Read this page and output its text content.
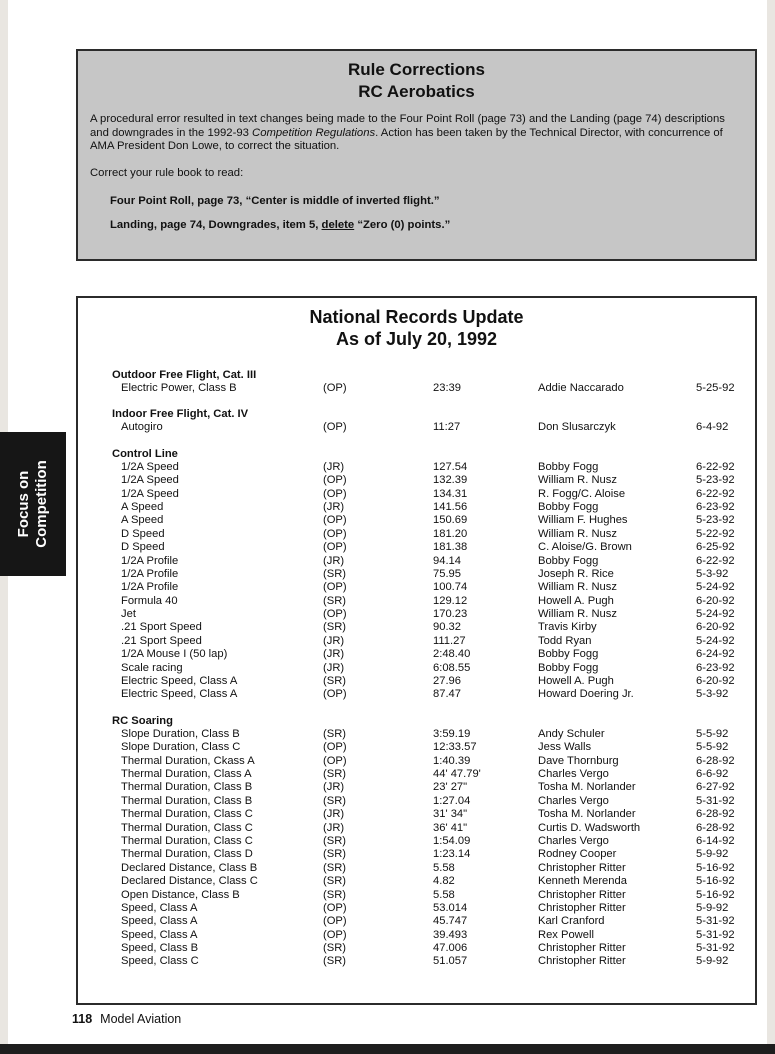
Rule Corrections
RC Aerobatics
A procedural error resulted in text changes being made to the Four Point Roll (page 73) and the Landing (page 74) descriptions and downgrades in the 1992-93 Competition Regulations. Action has been taken by the Technical Director, with concurrence of AMA President Don Lowe, to correct the situation.
Correct your rule book to read:
Four Point Roll, page 73, “Center is middle of inverted flight.”
Landing, page 74, Downgrades, item 5, delete “Zero (0) points.”
Focus on Competition
National Records Update
As of July 20, 1992
Outdoor Free Flight, Cat. III
Electric Power, Class B	(OP)	23:39	Addie Naccarado	5-25-92
Indoor Free Flight, Cat. IV
Autogiro	(OP)	11:27	Don Slusarczyk	6-4-92
Control Line
1/2A Speed	(JR)	127.54	Bobby Fogg	6-22-92
1/2A Speed	(OP)	132.39	William R. Nusz	5-23-92
1/2A Speed	(OP)	134.31	R. Fogg/C. Aloise	6-22-92
A Speed	(JR)	141.56	Bobby Fogg	6-23-92
A Speed	(OP)	150.69	William F. Hughes	5-23-92
D Speed	(OP)	181.20	William R. Nusz	5-22-92
D Speed	(OP)	181.38	C. Aloise/G. Brown	6-25-92
1/2A Profile	(JR)	94.14	Bobby Fogg	6-22-92
1/2A Profile	(SR)	75.95	Joseph R. Rice	5-3-92
1/2A Profile	(OP)	100.74	William R. Nusz	5-24-92
Formula 40	(SR)	129.12	Howell A. Pugh	6-20-92
Jet	(OP)	170.23	William R. Nusz	5-24-92
.21 Sport Speed	(SR)	90.32	Travis Kirby	6-20-92
.21 Sport Speed	(JR)	111.27	Todd Ryan	5-24-92
1/2A Mouse I (50 lap)	(JR)	2:48.40	Bobby Fogg	6-24-92
Scale racing	(JR)	6:08.55	Bobby Fogg	6-23-92
Electric Speed, Class A	(SR)	27.96	Howell A. Pugh	6-20-92
Electric Speed, Class A	(OP)	87.47	Howard Doering Jr.	5-3-92
RC Soaring
Slope Duration, Class B	(SR)	3:59.19	Andy Schuler	5-5-92
Slope Duration, Class C	(OP)	12:33.57	Jess Walls	5-5-92
Thermal Duration, Ckass A	(OP)	1:40.39	Dave Thornburg	6-28-92
Thermal Duration, Class A	(SR)	44' 47.79'	Charles Vergo	6-6-92
Thermal Duration, Class B	(JR)	23' 27"	Tosha M. Norlander	6-27-92
Thermal Duration, Class B	(SR)	1:27.04	Charles Vergo	5-31-92
Thermal Duration, Class C	(JR)	31' 34"	Tosha M. Norlander	6-28-92
Thermal Duration, Class C	(JR)	36' 41"	Curtis D. Wadsworth	6-28-92
Thermal Duration, Class C	(SR)	1:54.09	Charles Vergo	6-14-92
Thermal Duration, Class D	(SR)	1:23.14	Rodney Cooper	5-9-92
Declared Distance, Class B	(SR)	5.58	Christopher Ritter	5-16-92
Declared Distance, Class C	(SR)	4.82	Kenneth Merenda	5-16-92
Open Distance, Class B	(SR)	5.58	Christopher Ritter	5-16-92
Speed, Class A	(OP)	53.014	Christopher Ritter	5-9-92
Speed, Class A	(OP)	45.747	Karl Cranford	5-31-92
Speed, Class A	(OP)	39.493	Rex Powell	5-31-92
Speed, Class B	(SR)	47.006	Christopher Ritter	5-31-92
Speed, Class C	(SR)	51.057	Christopher Ritter	5-9-92
118 Model Aviation
